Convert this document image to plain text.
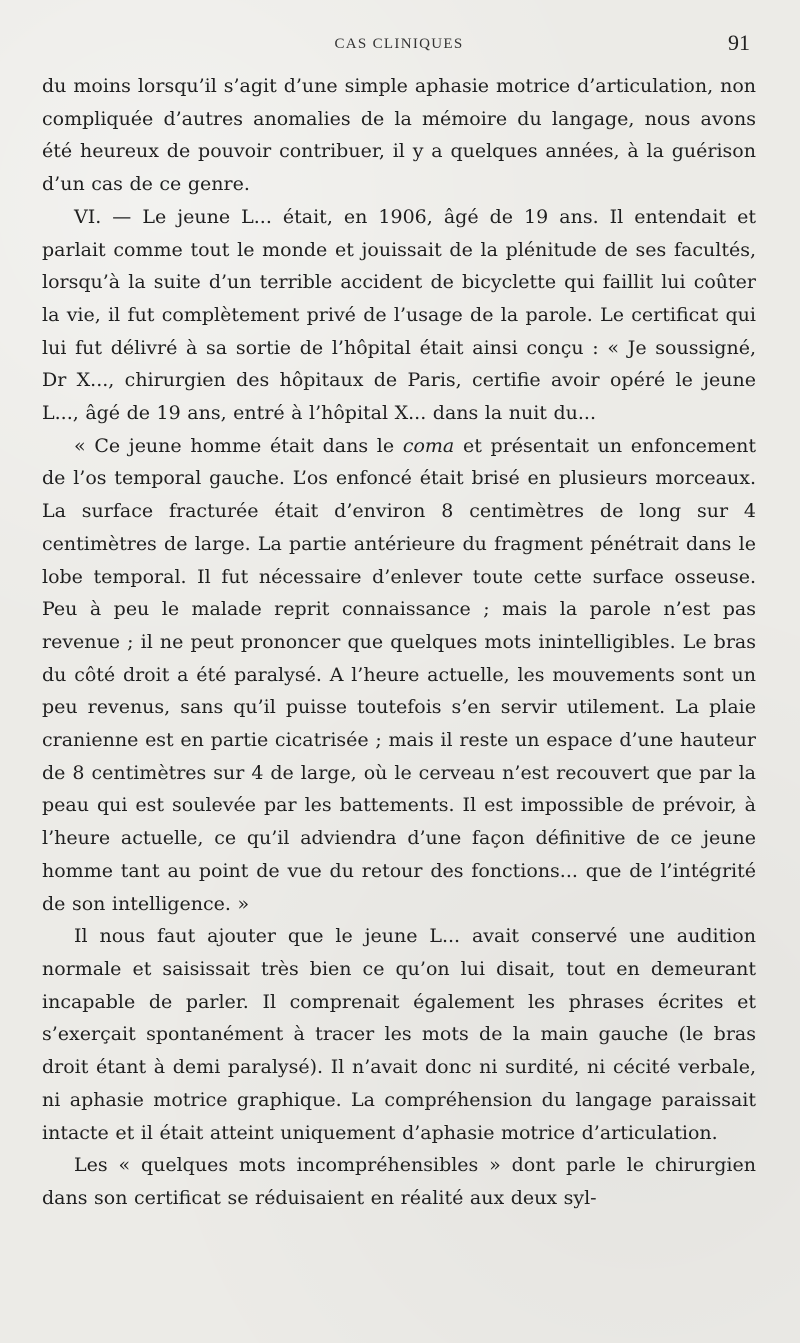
CAS CLINIQUES	91

du moins lorsqu’il s’agit d’une simple aphasie motrice d’articulation, non compliquée d’autres anomalies de la mémoire du langage, nous avons été heureux de pouvoir contribuer, il y a quelques années, à la guérison d’un cas de ce genre.

VI. — Le jeune L... était, en 1906, âgé de 19 ans. Il entendait et parlait comme tout le monde et jouissait de la plénitude de ses facultés, lorsqu’à la suite d’un terrible accident de bicyclette qui faillit lui coûter la vie, il fut complètement privé de l’usage de la parole. Le certificat qui lui fut délivré à sa sortie de l’hôpital était ainsi conçu : « Je soussigné, Dr X..., chirurgien des hôpitaux de Paris, certifie avoir opéré le jeune L..., âgé de 19 ans, entré à l’hôpital X... dans la nuit du...

« Ce jeune homme était dans le coma et présentait un enfoncement de l’os temporal gauche. L’os enfoncé était brisé en plusieurs morceaux. La surface fracturée était d’environ 8 centimètres de long sur 4 centimètres de large. La partie antérieure du fragment pénétrait dans le lobe temporal. Il fut nécessaire d’enlever toute cette surface osseuse. Peu à peu le malade reprit connaissance ; mais la parole n’est pas revenue ; il ne peut prononcer que quelques mots inintelligibles. Le bras du côté droit a été paralysé. A l’heure actuelle, les mouvements sont un peu revenus, sans qu’il puisse toutefois s’en servir utilement. La plaie cranienne est en partie cicatrisée ; mais il reste un espace d’une hauteur de 8 centimètres sur 4 de large, où le cerveau n’est recouvert que par la peau qui est soulevée par les battements. Il est impossible de prévoir, à l’heure actuelle, ce qu’il adviendra d’une façon définitive de ce jeune homme tant au point de vue du retour des fonctions... que de l’intégrité de son intelligence. »

Il nous faut ajouter que le jeune L... avait conservé une audition normale et saisissait très bien ce qu’on lui disait, tout en demeurant incapable de parler. Il comprenait également les phrases écrites et s’exerçait spontanément à tracer les mots de la main gauche (le bras droit étant à demi paralysé). Il n’avait donc ni surdité, ni cécité verbale, ni aphasie motrice graphique. La compréhension du langage paraissait intacte et il était atteint uniquement d’aphasie motrice d’articulation.

Les « quelques mots incompréhensibles » dont parle le chirurgien dans son certificat se réduisaient en réalité aux deux syl-
